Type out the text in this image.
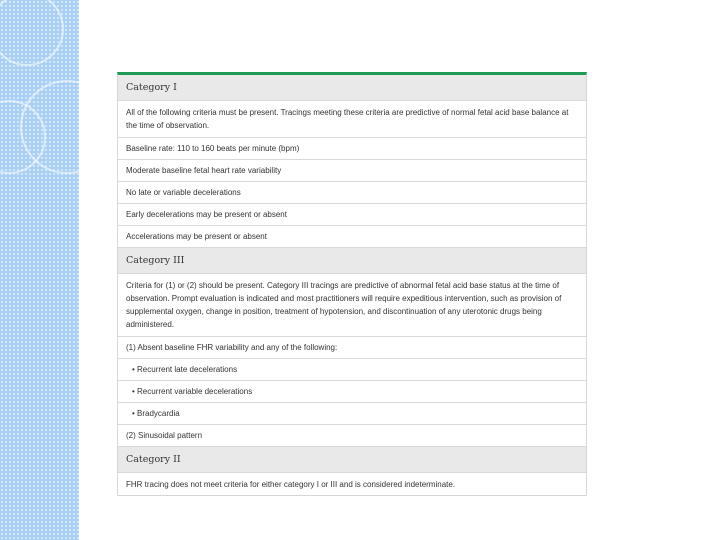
Category I
All of the following criteria must be present. Tracings meeting these criteria are predictive of normal fetal acid base balance at the time of observation.
Baseline rate: 110 to 160 beats per minute (bpm)
Moderate baseline fetal heart rate variability
No late or variable decelerations
Early decelerations may be present or absent
Accelerations may be present or absent
Category III
Criteria for (1) or (2) should be present. Category III tracings are predictive of abnormal fetal acid base status at the time of observation. Prompt evaluation is indicated and most practitioners will require expeditious intervention, such as provision of supplemental oxygen, change in position, treatment of hypotension, and discontinuation of any uterotonic drugs being administered.
(1) Absent baseline FHR variability and any of the following:
• Recurrent late decelerations
• Recurrent variable decelerations
• Bradycardia
(2) Sinusoidal pattern
Category II
FHR tracing does not meet criteria for either category I or III and is considered indeterminate.
